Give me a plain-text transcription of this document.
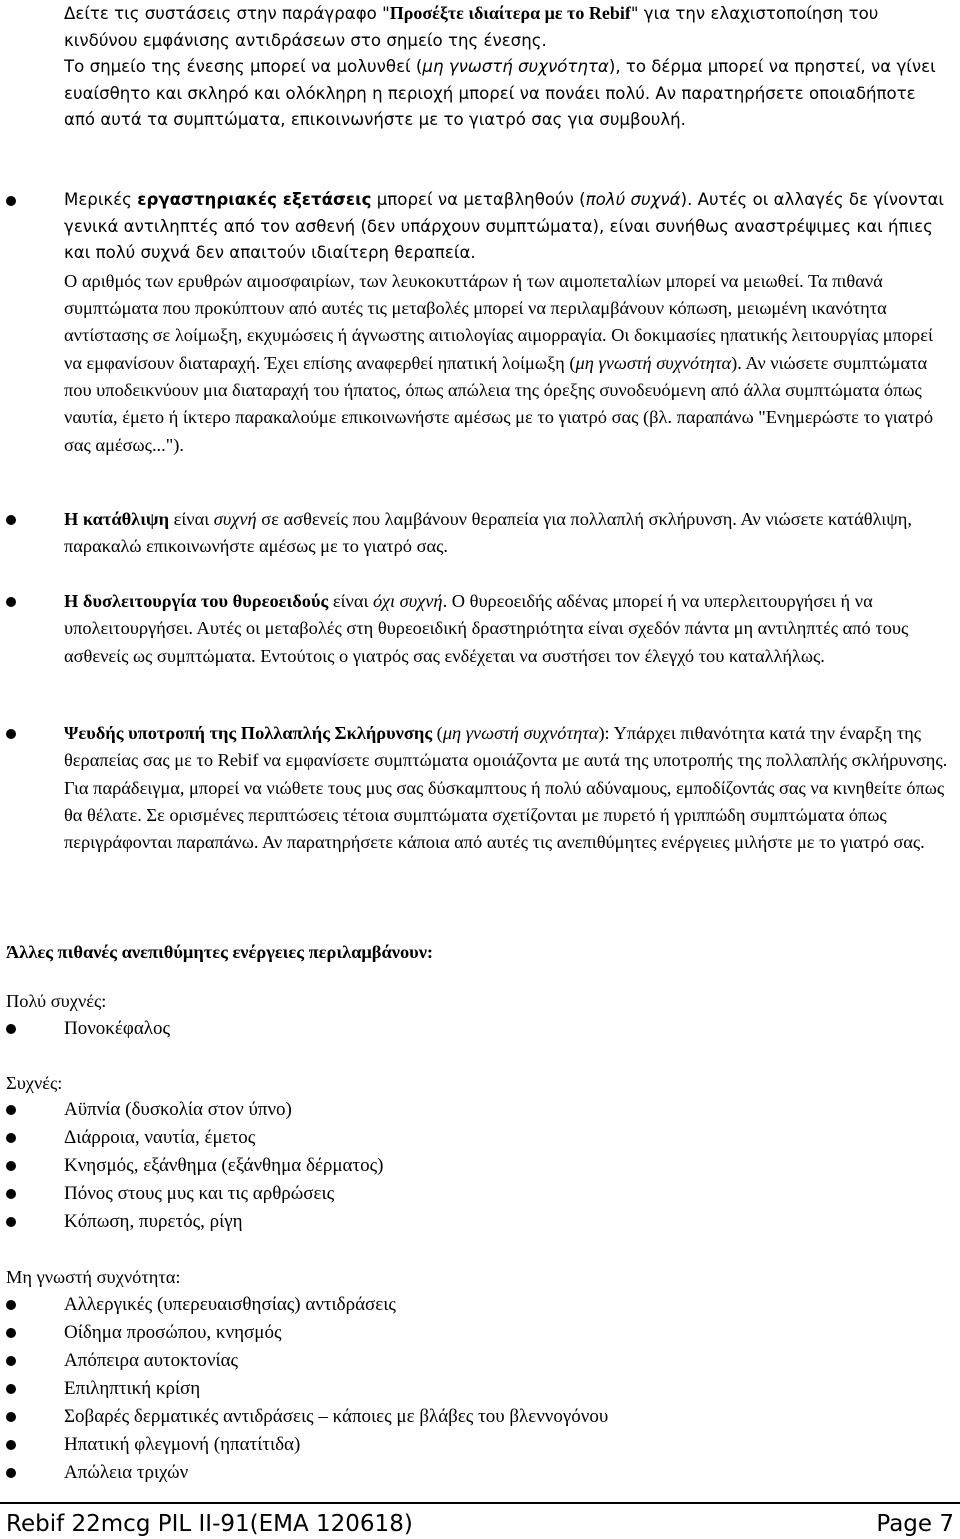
Δείτε τις συστάσεις στην παράγραφο "Προσέξτε ιδιαίτερα με το Rebif" για την ελαχιστοποίηση του κινδύνου εμφάνισης αντιδράσεων στο σημείο της ένεσης.

Το σημείο της ένεσης μπορεί να μολυνθεί (μη γνωστή συχνότητα), το δέρμα μπορεί να πρηστεί, να γίνει ευαίσθητο και σκληρό και ολόκληρη η περιοχή μπορεί να πονάει πολύ. Αν παρατηρήσετε οποιαδήποτε από αυτά τα συμπτώματα, επικοινωνήστε με το γιατρό σας για συμβουλή.

Μερικές εργαστηριακές εξετάσεις μπορεί να μεταβληθούν (πολύ συχνά). Αυτές οι αλλαγές δε γίνονται γενικά αντιληπτές από τον ασθενή (δεν υπάρχουν συμπτώματα), είναι συνήθως αναστρέψιμες και ήπιες και πολύ συχνά δεν απαιτούν ιδιαίτερη θεραπεία.

Ο αριθμός των ερυθρών αιμοσφαιρίων, των λευκοκυττάρων ή των αιμοπεταλίων μπορεί να μειωθεί. Τα πιθανά συμπτώματα που προκύπτουν από αυτές τις μεταβολές μπορεί να περιλαμβάνουν κόπωση, μειωμένη ικανότητα αντίστασης σε λοίμωξη, εκχυμώσεις ή άγνωστης αιτιολογίας αιμορραγία. Οι δοκιμασίες ηπατικής λειτουργίας μπορεί να εμφανίσουν διαταραχή. Έχει επίσης αναφερθεί ηπατική λοίμωξη (μη γνωστή συχνότητα). Αν νιώσετε συμπτώματα που υποδεικνύουν μια διαταραχή του ήπατος, όπως απώλεια της όρεξης συνοδευόμενη από άλλα συμπτώματα όπως ναυτία, έμετο ή ίκτερο παρακαλούμε επικοινωνήστε αμέσως με το γιατρό σας (βλ. παραπάνω "Ενημερώστε το γιατρό σας αμέσως...").

Η κατάθλιψη είναι συχνή σε ασθενείς που λαμβάνουν θεραπεία για πολλαπλή σκλήρυνση. Αν νιώσετε κατάθλιψη, παρακαλώ επικοινωνήστε αμέσως με το γιατρό σας.

Η δυσλειτουργία του θυρεοειδούς είναι όχι συχνή. Ο θυρεοειδής αδένας μπορεί ή να υπερλειτουργήσει ή να υπολειτουργήσει. Αυτές οι μεταβολές στη θυρεοειδική δραστηριότητα είναι σχεδόν πάντα μη αντιληπτές από τους ασθενείς ως συμπτώματα. Εντούτοις ο γιατρός σας ενδέχεται να συστήσει τον έλεγχό του καταλλήλως.

Ψευδής υποτροπή της Πολλαπλής Σκλήρυνσης (μη γνωστή συχνότητα): Υπάρχει πιθανότητα κατά την έναρξη της θεραπείας σας με το Rebif να εμφανίσετε συμπτώματα ομοιάζοντα με αυτά της υποτροπής της πολλαπλής σκλήρυνσης. Για παράδειγμα, μπορεί να νιώθετε τους μυς σας δύσκαμπτους ή πολύ αδύναμους, εμποδίζοντάς σας να κινηθείτε όπως θα θέλατε. Σε ορισμένες περιπτώσεις τέτοια συμπτώματα σχετίζονται με πυρετό ή γριππώδη συμπτώματα όπως περιγράφονται παραπάνω. Αν παρατηρήσετε κάποια από αυτές τις ανεπιθύμητες ενέργειες μιλήστε με το γιατρό σας.

Άλλες πιθανές ανεπιθύμητες ενέργειες περιλαμβάνουν:
Πολύ συχνές:
Πονοκέφαλος
Συχνές:
Αϋπνία (δυσκολία στον ύπνο)
Διάρροια, ναυτία, έμετος
Κνησμός, εξάνθημα (εξάνθημα δέρματος)
Πόνος στους μυς και τις αρθρώσεις
Κόπωση, πυρετός, ρίγη
Μη γνωστή συχνότητα:
Αλλεργικές (υπερευαισθησίας) αντιδράσεις
Οίδημα προσώπου, κνησμός
Απόπειρα αυτοκτονίας
Επιληπτική κρίση
Σοβαρές δερματικές αντιδράσεις – κάποιες με βλάβες του βλεννογόνου
Ηπατική φλεγμονή (ηπατίτιδα)
Απώλεια τριχών
Rebif 22mcg PIL II-91(EMA 120618)	Page 7
